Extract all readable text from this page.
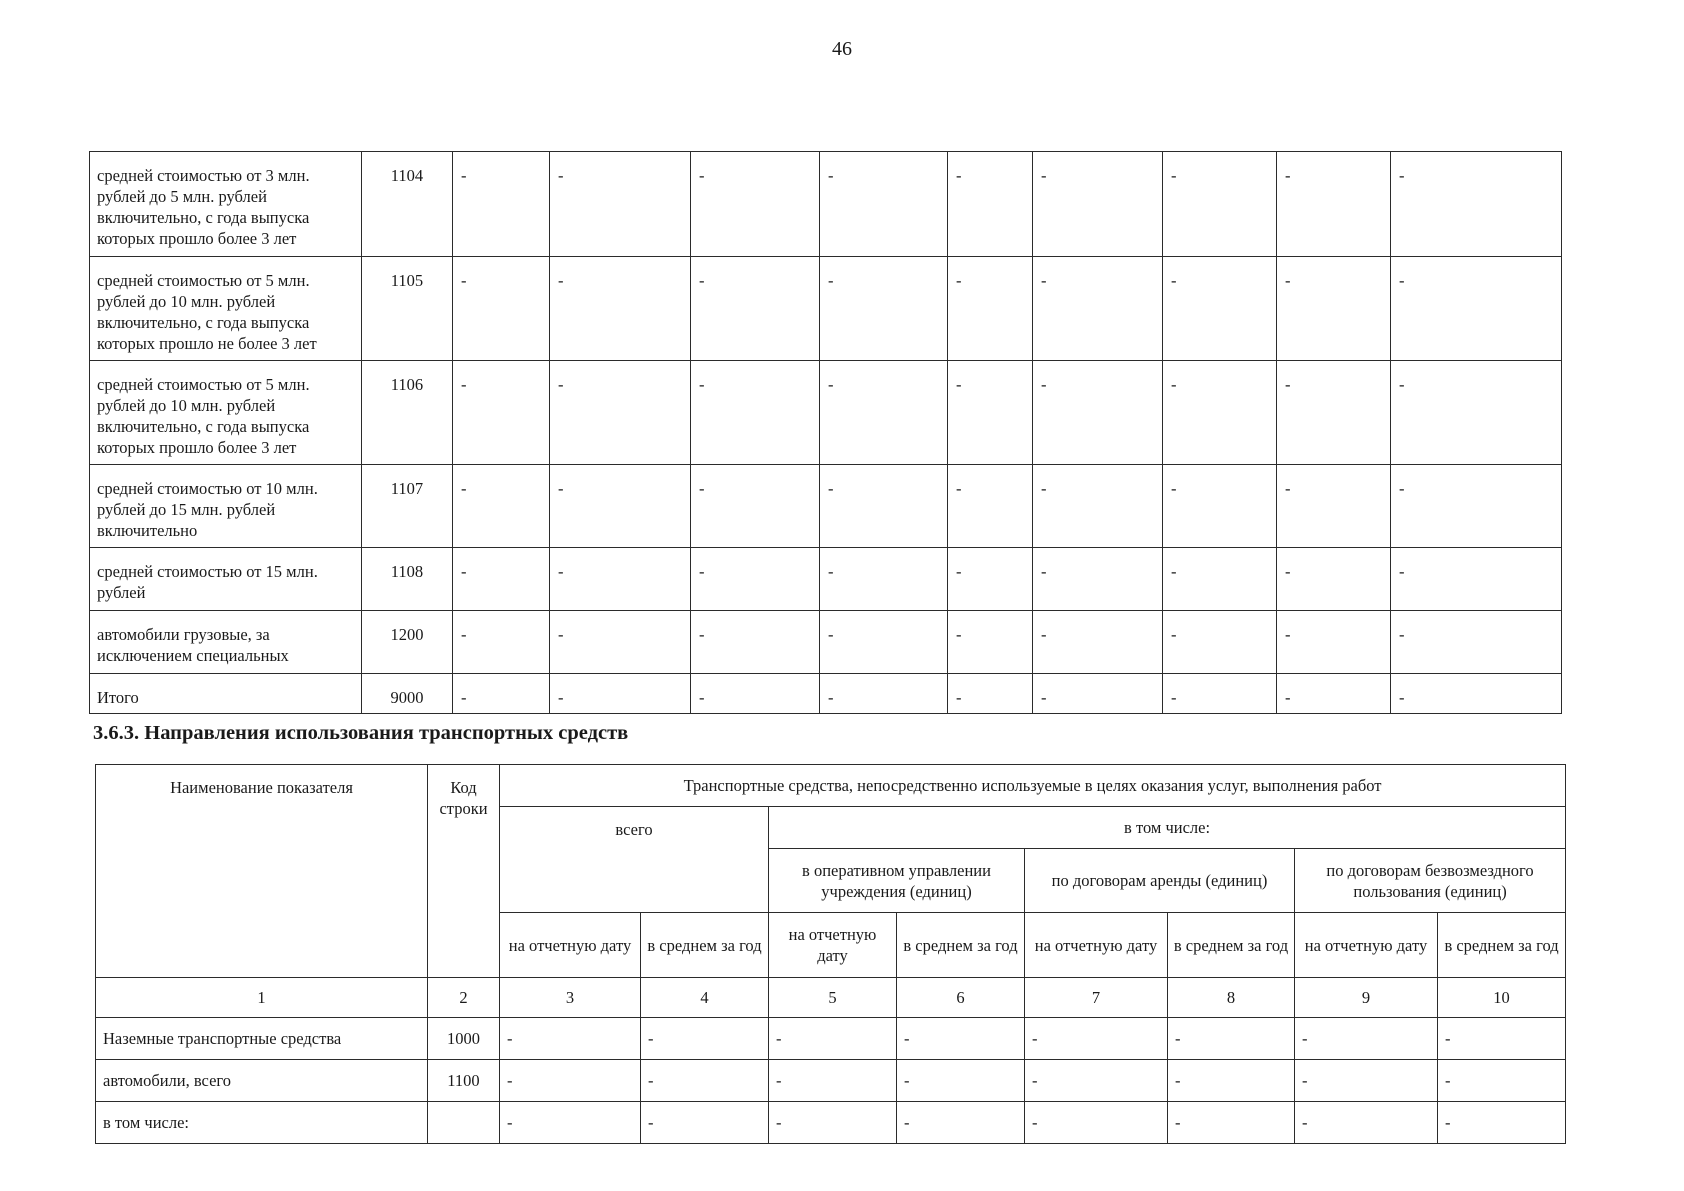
46
средней стоимостью от 3 млн. рублей до 5 млн. рублей включительно, с года выпуска которых прошло более 3 лет	1104	-	-	-	-	-	-	-	-	-	
средней стоимостью от 5 млн. рублей до 10 млн. рублей включительно, с года выпуска которых прошло не более 3 лет	1105	-	-	-	-	-	-	-	-	-	
средней стоимостью от 5 млн. рублей до 10 млн. рублей включительно, с года выпуска которых прошло более 3 лет	1106	-	-	-	-	-	-	-	-	-	
средней стоимостью от 10 млн. рублей до 15 млн. рублей включительно	1107	-	-	-	-	-	-	-	-	-	
средней стоимостью от 15 млн. рублей	1108	-	-	-	-	-	-	-	-	-	
автомобили грузовые, за исключением специальных	1200	-	-	-	-	-	-	-	-	-	
Итого	9000	-	-	-	-	-	-	-	-	-	
3.6.3. Направления использования транспортных средств
Наименование показателя	Код строки	Транспортные средства, непосредственно используемые в целях оказания услуг, выполнения работ							
		всего		в том числе:					
				в оперативном управлении учреждения (единиц)		по договорам аренды (единиц)		по договорам безвозмездного пользования (единиц)	
		на отчетную дату	в среднем за год	на отчетную дату	в среднем за год	на отчетную дату	в среднем за год	на отчетную дату	в среднем за год
1	2	3	4	5	6	7	8	9	10
Наземные транспортные средства	1000	-	-	-	-	-	-	-	-
автомобили, всего	1100	-	-	-	-	-	-	-	-
в том числе:		-	-	-	-	-	-	-	-
